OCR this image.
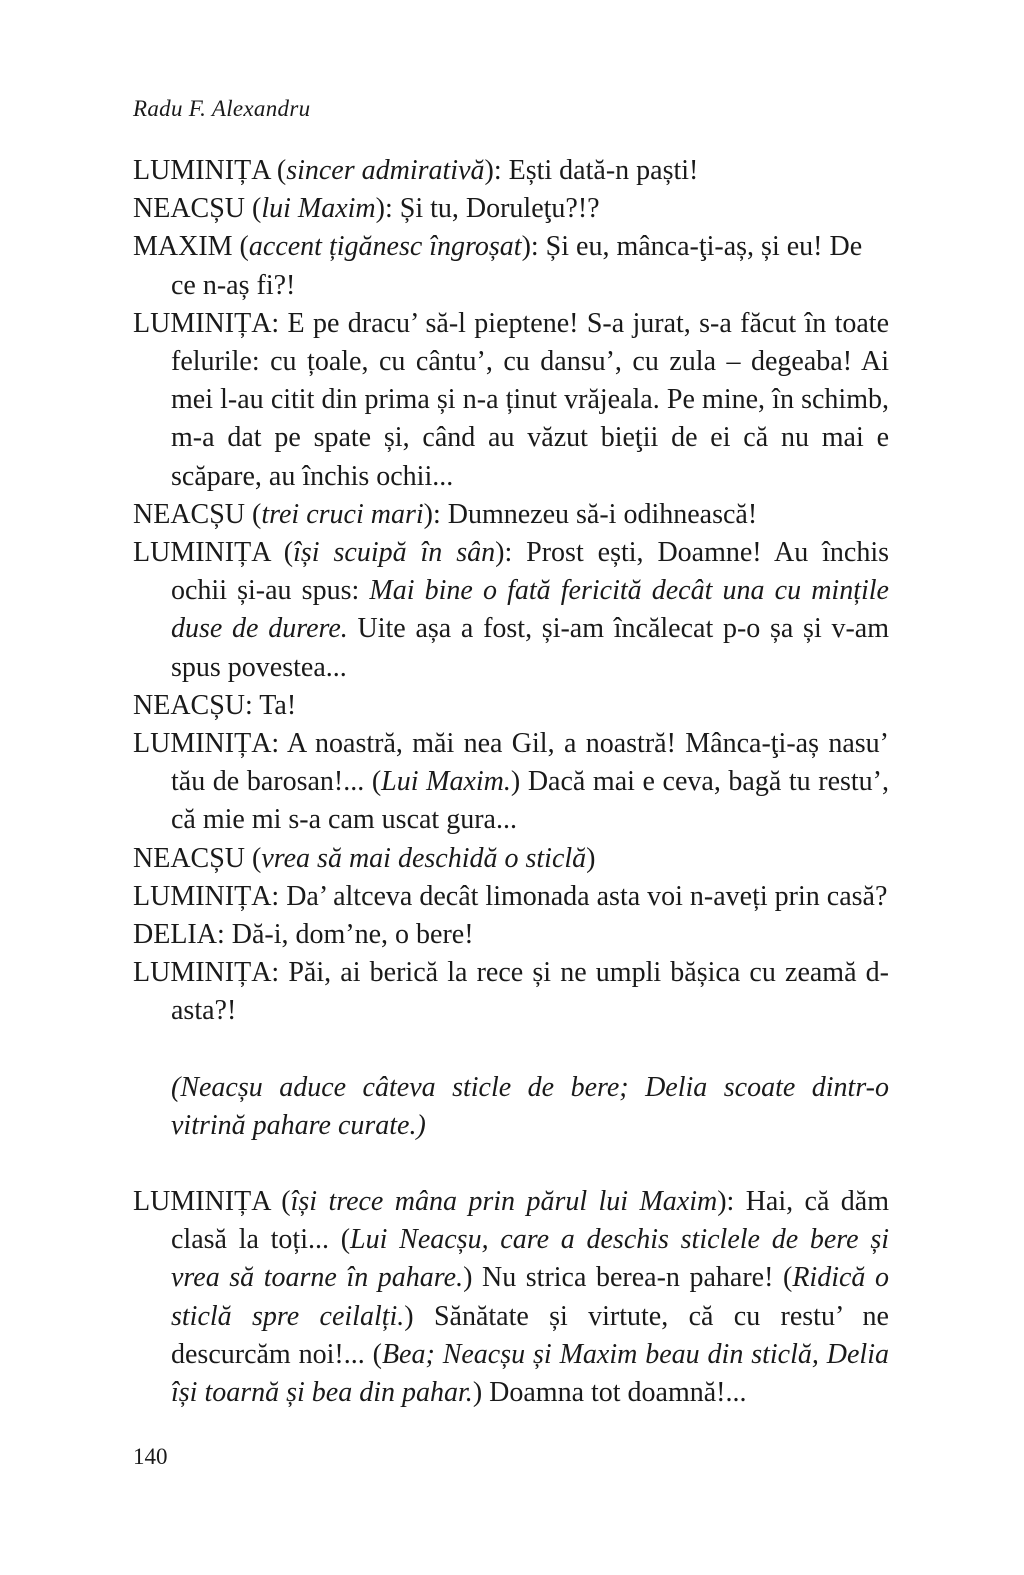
Radu F. Alexandru

LUMINIȚA (sincer admirativă): Ești dată-n paști!

NEACȘU (lui Maxim): Și tu, Doruleţu?!?

MAXIM (accent țigănesc îngroșat): Și eu, mânca-ţi-aș, și eu! De ce n-aș fi?!

LUMINIȚA: E pe dracu’ să-l pieptene! S-a jurat, s-a făcut în toate felurile: cu țoale, cu cântu’, cu dansu’, cu zula – degeaba! Ai mei l-au citit din prima și n-a ținut vrăjeala. Pe mine, în schimb, m-a dat pe spate și, când au văzut bieţii de ei că nu mai e scăpare, au închis ochii...

NEACȘU (trei cruci mari): Dumnezeu să-i odihnească!

LUMINIȚA (își scuipă în sân): Prost ești, Doamne! Au închis ochii și-au spus: Mai bine o fată fericită decât una cu mințile duse de durere. Uite așa a fost, și-am încălecat p-o șa și v-am spus povestea...

NEACȘU: Ta!

LUMINIȚA: A noastră, măi nea Gil, a noastră! Mânca-ţi-aș nasu’ tău de barosan!... (Lui Maxim.) Dacă mai e ceva, bagă tu restu’, că mie mi s-a cam uscat gura...

NEACȘU (vrea să mai deschidă o sticlă)

LUMINIȚA: Da’ altceva decât limonada asta voi n-aveți prin casă?

DELIA: Dă-i, dom’ne, o bere!

LUMINIȚA: Păi, ai berică la rece și ne umpli bășica cu zeamă d-asta?!

(Neacșu aduce câteva sticle de bere; Delia scoate dintr-o vitrină pahare curate.)

LUMINIȚA (își trece mâna prin părul lui Maxim): Hai, că dăm clasă la toți... (Lui Neacșu, care a deschis sticlele de bere și vrea să toarne în pahare.) Nu strica berea-n pahare! (Ridică o sticlă spre ceilalți.) Sănătate și virtute, că cu restu’ ne descurcăm noi!... (Bea; Neacșu și Maxim beau din sticlă, Delia își toarnă și bea din pahar.) Doamna tot doamnă!...

140
